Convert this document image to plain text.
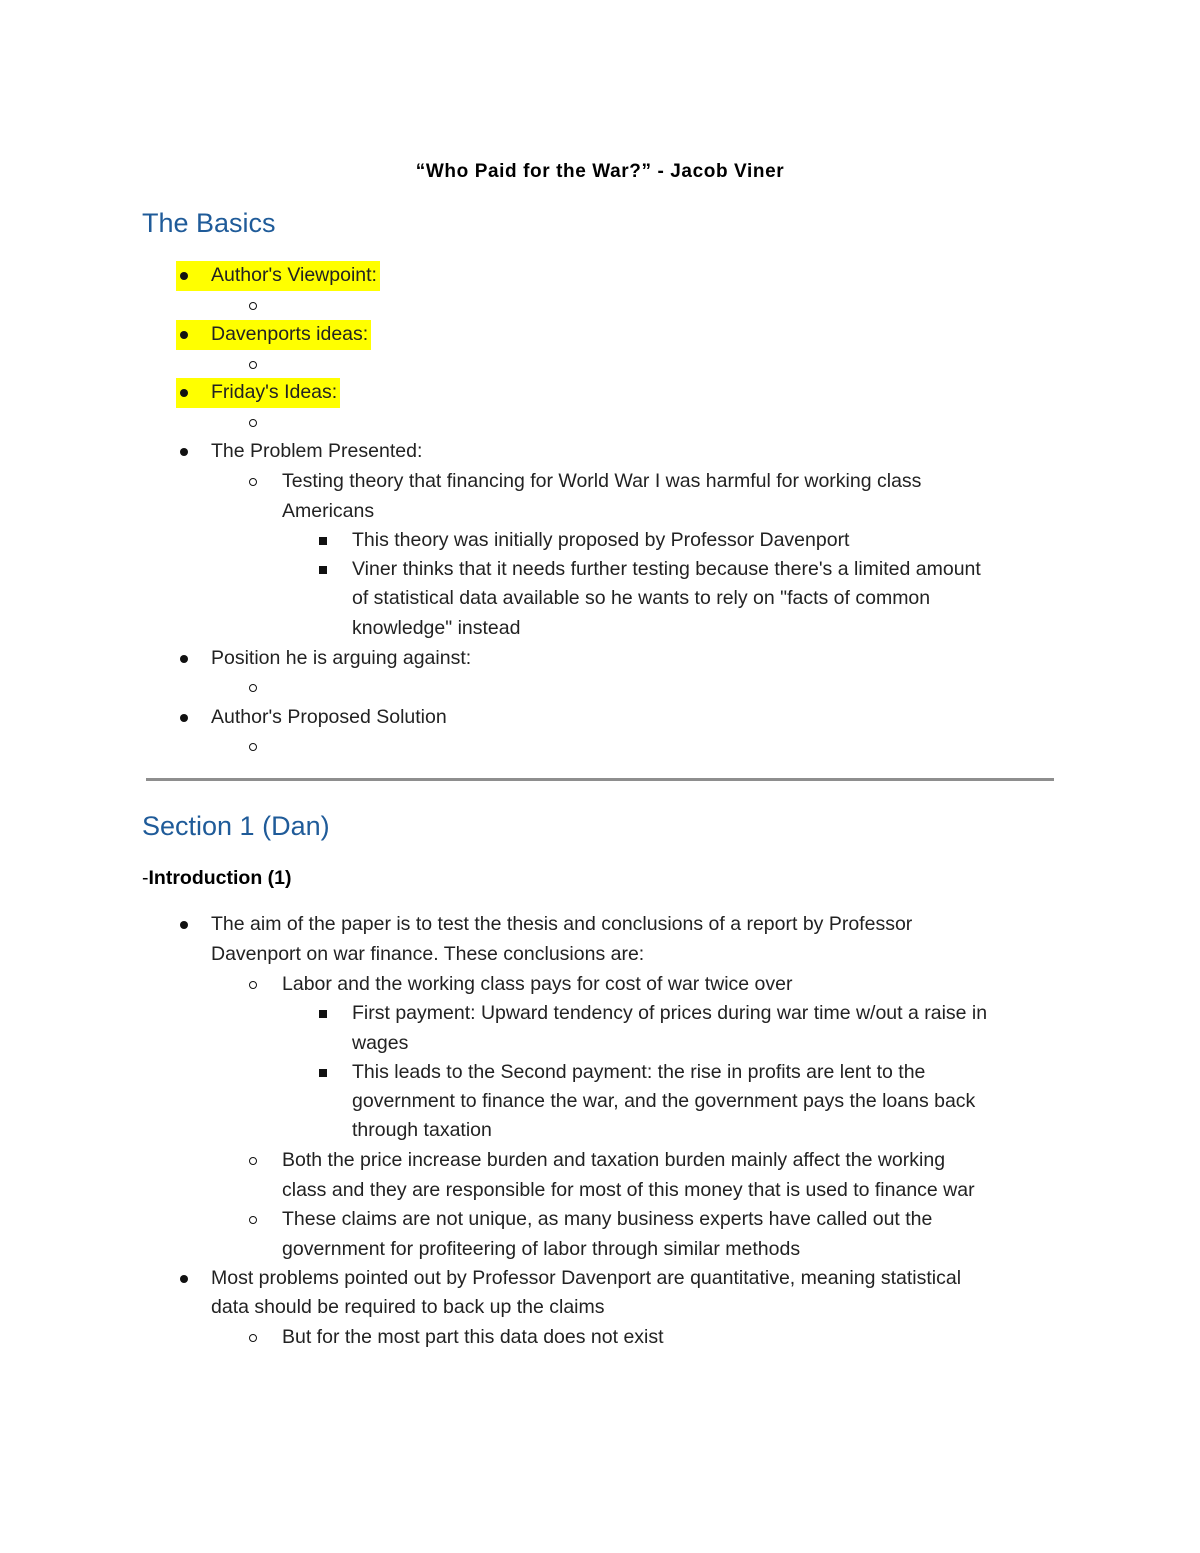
“Who Paid for the War?” - Jacob Viner
The Basics
Author's Viewpoint:
Davenports ideas:
Friday's Ideas:
The Problem Presented:
Testing theory that financing for World War I was harmful for working class
Americans
This theory was initially proposed by Professor Davenport
Viner thinks that it needs further testing because there's a limited amount
of statistical data available so he wants to rely on "facts of common
knowledge" instead
Position he is arguing against:
Author's Proposed Solution
Section 1 (Dan)
-Introduction (1)
The aim of the paper is to test the thesis and conclusions of a report by Professor
Davenport on war finance. These conclusions are:
Labor and the working class pays for cost of war twice over
First payment: Upward tendency of prices during war time w/out a raise in
wages
This leads to the Second payment: the rise in profits are lent to the
government to finance the war, and the government pays the loans back
through taxation
Both the price increase burden and taxation burden mainly affect the working
class and they are responsible for most of this money that is used to finance war
These claims are not unique, as many business experts have called out the
government for profiteering of labor through similar methods
Most problems pointed out by Professor Davenport are quantitative, meaning statistical
data should be required to back up the claims
But for the most part this data does not exist
